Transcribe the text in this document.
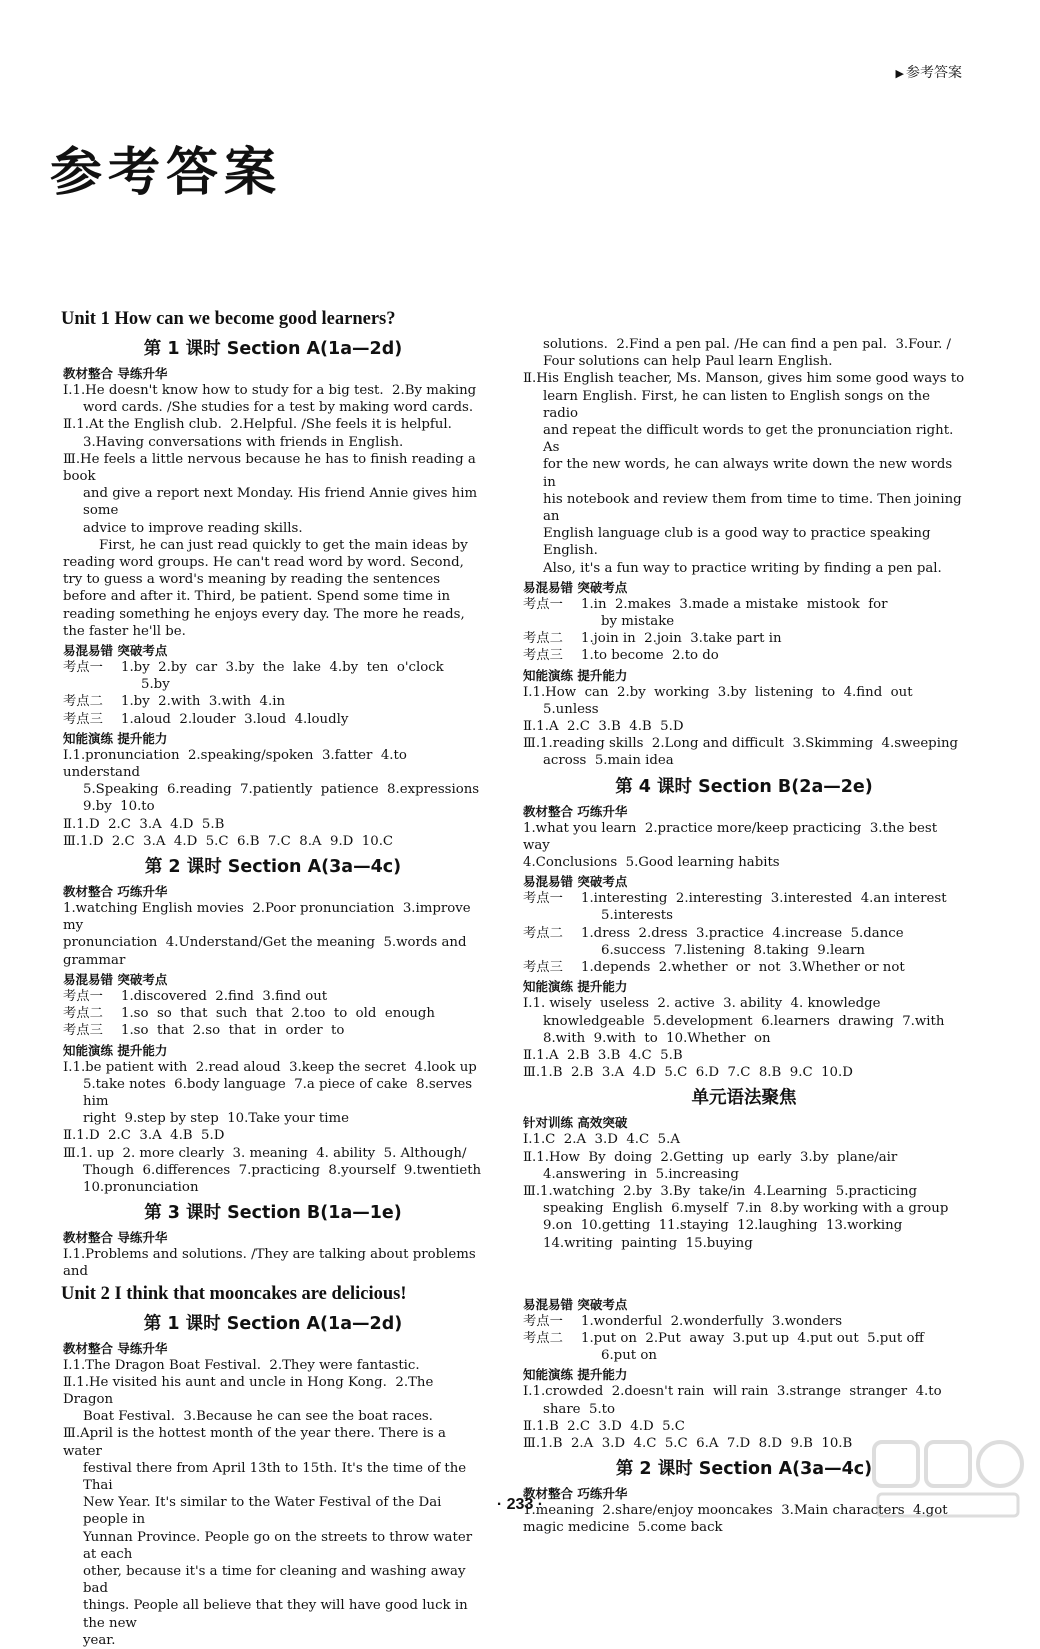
▶ 参考答案
参考答案
Unit 1 How can we become good learners?
第 1 课时 Section A(1a—2d)
教材整合 导练升华
Ⅰ.1.He doesn't know how to study for a big test.  2.By making
word cards. /She studies for a test by making word cards.
Ⅱ.1.At the English club.  2.Helpful. /She feels it is helpful.
3.Having conversations with friends in English.
Ⅲ.He feels a little nervous because he has to finish reading a book
and give a report next Monday. His friend Annie gives him some
advice to improve reading skills.
First, he can just read quickly to get the main ideas by reading word groups. He can't read word by word. Second, try to guess a word's meaning by reading the sentences before and after it. Third, be patient. Spend some time in reading something he enjoys every day. The more he reads, the faster he'll be.
易混易错 突破考点
考点一	1.by  2.by  car  3.by  the  lake  4.by  ten  o'clock
5.by
考点二	1.by  2.with  3.with  4.in
考点三	1.aloud  2.louder  3.loud  4.loudly
知能演练 提升能力
Ⅰ.1.pronunciation  2.speaking/spoken  3.fatter  4.to understand
5.Speaking  6.reading  7.patiently  patience  8.expressions
9.by  10.to
Ⅱ.1.D  2.C  3.A  4.D  5.B
Ⅲ.1.D  2.C  3.A  4.D  5.C  6.B  7.C  8.A  9.D  10.C
第 2 课时 Section A(3a—4c)
教材整合 巧练升华
1.watching English movies  2.Poor pronunciation  3.improve my
pronunciation  4.Understand/Get the meaning  5.words and grammar
易混易错 突破考点
考点一	1.discovered  2.find  3.find out
考点二	1.so  so  that  such  that  2.too  to  old  enough
考点三	1.so  that  2.so  that  in  order  to
知能演练 提升能力
Ⅰ.1.be patient with  2.read aloud  3.keep the secret  4.look up
5.take notes  6.body language  7.a piece of cake  8.serves him
right  9.step by step  10.Take your time
Ⅱ.1.D  2.C  3.A  4.B  5.D
Ⅲ.1. up  2. more clearly  3. meaning  4. ability  5. Although/
Though  6.differences  7.practicing  8.yourself  9.twentieth
10.pronunciation
第 3 课时 Section B(1a—1e)
教材整合 导练升华
Ⅰ.1.Problems and solutions. /They are talking about problems and
Unit 2 I think that mooncakes are delicious!
第 1 课时 Section A(1a—2d)
教材整合 导练升华
Ⅰ.1.The Dragon Boat Festival.  2.They were fantastic.
Ⅱ.1.He visited his aunt and uncle in Hong Kong.  2.The Dragon
Boat Festival.  3.Because he can see the boat races.
Ⅲ.April is the hottest month of the year there. There is a water
festival there from April 13th to 15th. It's the time of the Thai
New Year. It's similar to the Water Festival of the Dai people in
Yunnan Province. People go on the streets to throw water at each
other, because it's a time for cleaning and washing away bad
things. People all believe that they will have good luck in the new
year.
solutions.  2.Find a pen pal. /He can find a pen pal.  3.Four. /
Four solutions can help Paul learn English.
Ⅱ.His English teacher, Ms. Manson, gives him some good ways to
learn English. First, he can listen to English songs on the radio
and repeat the difficult words to get the pronunciation right. As
for the new words, he can always write down the new words in
his notebook and review them from time to time. Then joining an
English language club is a good way to practice speaking English.
Also, it's a fun way to practice writing by finding a pen pal.
易混易错 突破考点
考点一	1.in  2.makes  3.made a mistake  mistook  for
by mistake
考点二	1.join in  2.join  3.take part in
考点三	1.to become  2.to do
知能演练 提升能力
Ⅰ.1.How  can  2.by  working  3.by  listening  to  4.find  out
5.unless
Ⅱ.1.A  2.C  3.B  4.B  5.D
Ⅲ.1.reading skills  2.Long and difficult  3.Skimming  4.sweeping
across  5.main idea
第 4 课时 Section B(2a—2e)
教材整合 巧练升华
1.what you learn  2.practice more/keep practicing  3.the best way
4.Conclusions  5.Good learning habits
易混易错 突破考点
考点一	1.interesting  2.interesting  3.interested  4.an interest
5.interests
考点二	1.dress  2.dress  3.practice  4.increase  5.dance
6.success  7.listening  8.taking  9.learn
考点三	1.depends  2.whether  or  not  3.Whether or not
知能演练 提升能力
Ⅰ.1. wisely  useless  2. active  3. ability  4. knowledge
knowledgeable  5.development  6.learners  drawing  7.with
8.with  9.with  to  10.Whether  on
Ⅱ.1.A  2.B  3.B  4.C  5.B
Ⅲ.1.B  2.B  3.A  4.D  5.C  6.D  7.C  8.B  9.C  10.D
单元语法聚焦
针对训练 高效突破
Ⅰ.1.C  2.A  3.D  4.C  5.A
Ⅱ.1.How  By  doing  2.Getting  up  early  3.by  plane/air
4.answering  in  5.increasing
Ⅲ.1.watching  2.by  3.By  take/in  4.Learning  5.practicing
speaking  English  6.myself  7.in  8.by working with a group
9.on  10.getting  11.staying  12.laughing  13.working
14.writing  painting  15.buying
易混易错 突破考点
考点一	1.wonderful  2.wonderfully  3.wonders
考点二	1.put on  2.Put  away  3.put up  4.put out  5.put off
6.put on
知能演练 提升能力
Ⅰ.1.crowded  2.doesn't rain  will rain  3.strange  stranger  4.to
share  5.to
Ⅱ.1.B  2.C  3.D  4.D  5.C
Ⅲ.1.B  2.A  3.D  4.C  5.C  6.A  7.D  8.D  9.B  10.B
第 2 课时 Section A(3a—4c)
教材整合 巧练升华
1.meaning  2.share/enjoy mooncakes  3.Main characters  4.got
magic medicine  5.come back
· 233 ·
